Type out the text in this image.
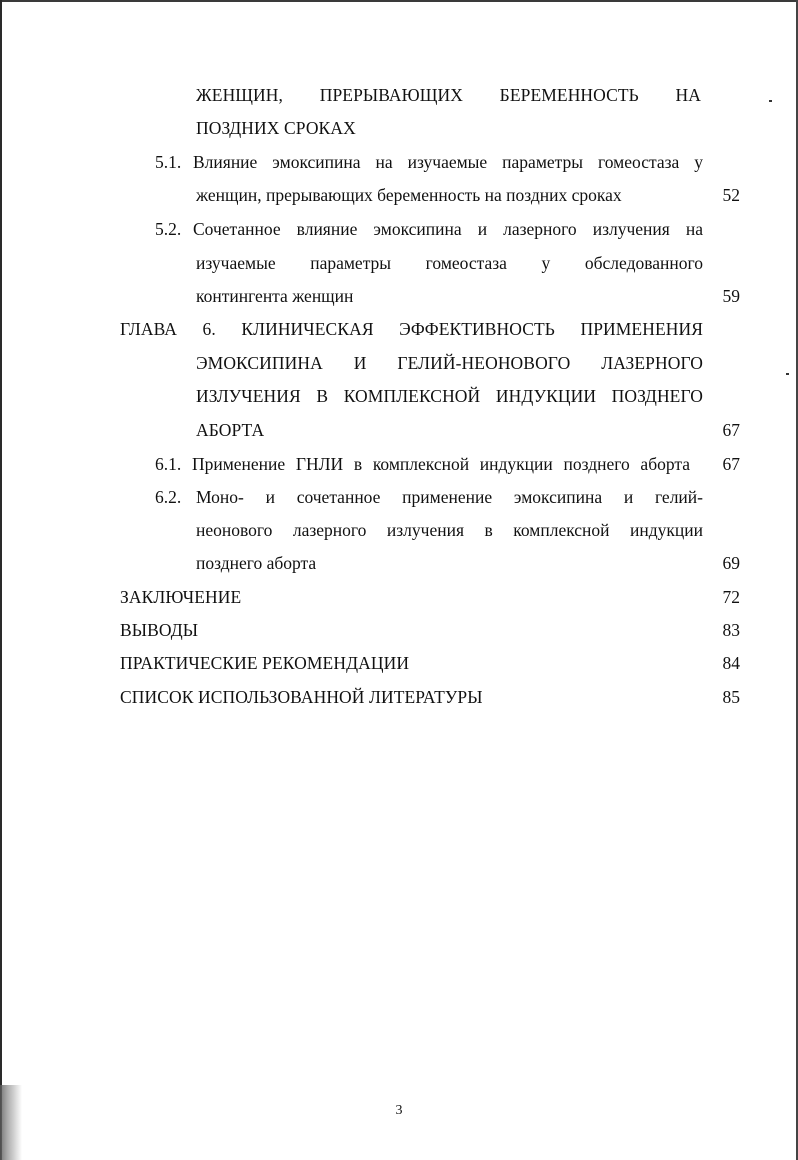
ЖЕНЩИН, ПРЕРЫВАЮЩИХ БЕРЕМЕННОСТЬ НА
ПОЗДНИХ СРОКАХ
5.1. Влияние эмоксипина на изучаемые параметры гомеостаза у
женщин, прерывающих беременность на поздних сроках	52
5.2. Сочетанное влияние эмоксипина и лазерного излучения на
изучаемые параметры гомеостаза у обследованного
контингента женщин	59
ГЛАВА 6. КЛИНИЧЕСКАЯ ЭФФЕКТИВНОСТЬ ПРИМЕНЕНИЯ
ЭМОКСИПИНА И ГЕЛИЙ-НЕОНОВОГО ЛАЗЕРНОГО
ИЗЛУЧЕНИЯ В КОМПЛЕКСНОЙ ИНДУКЦИИ ПОЗДНЕГО
АБОРТА	67
6.1. Применение ГНЛИ в комплексной индукции позднего аборта	67
6.2. Моно- и сочетанное применение эмоксипина и гелий-
неонового лазерного излучения в комплексной индукции
позднего аборта	69
ЗАКЛЮЧЕНИЕ	72
ВЫВОДЫ	83
ПРАКТИЧЕСКИЕ РЕКОМЕНДАЦИИ	84
СПИСОК ИСПОЛЬЗОВАННОЙ ЛИТЕРАТУРЫ	85
3
